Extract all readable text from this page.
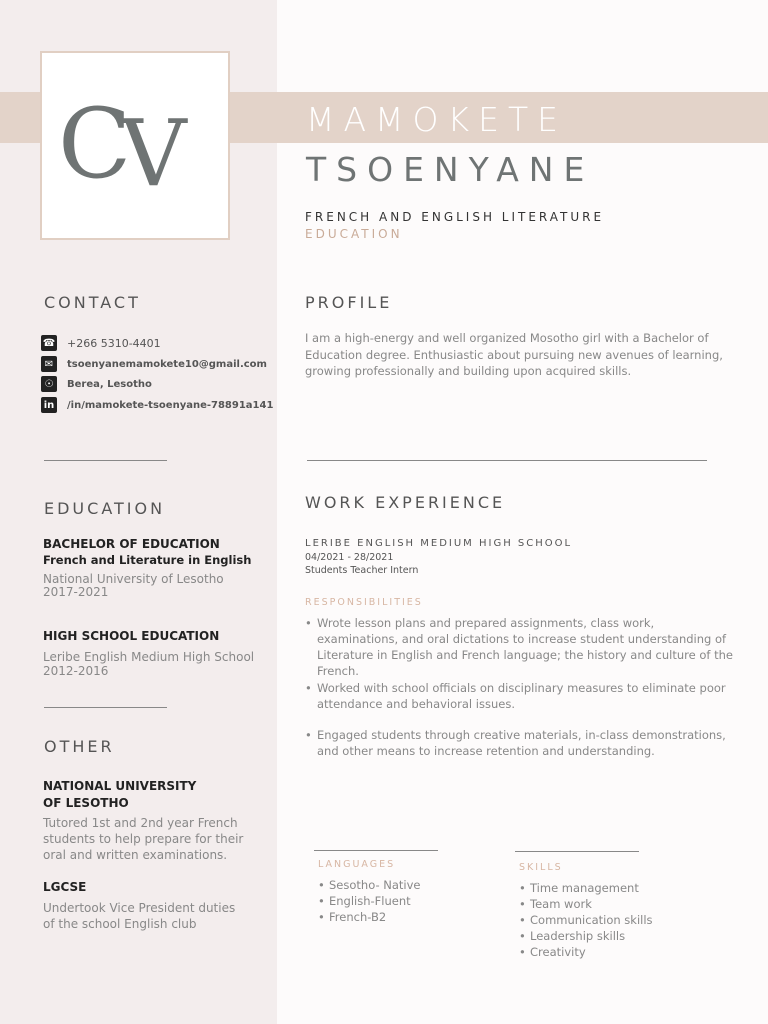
C
V	MAMOKETE
TSOENYANE
FRENCH AND ENGLISH LITERATURE
EDUCATION
CONTACT
☎ +266 5310-4401
✉	tsoenyanemamokete10@gmail.com
☉	Berea, Lesotho
in /in/mamokete-tsoenyane-78891a141
EDUCATION
BACHELOR OF EDUCATION
French and Literature in English
National University of Lesotho
2017-2021
HIGH SCHOOL EDUCATION
Leribe English Medium High School
2012-2016
OTHER
NATIONAL UNIVERSITY
OF LESOTHO
Tutored 1st and 2nd year French students to help prepare for their oral and written examinations.
LGCSE
Undertook Vice President duties of the school English club
PROFILE
I am a high-energy and well organized Mosotho girl with a Bachelor of Education degree. Enthusiastic about pursuing new avenues of learning, growing professionally and building upon acquired skills.
WORK EXPERIENCE
LERIBE ENGLISH MEDIUM HIGH SCHOOL
04/2021 - 28/2021
Students Teacher Intern
RESPONSIBILITIES
• Wrote lesson plans and prepared assignments, class work, examinations, and oral dictations to increase student understanding of Literature in English and French language; the history and culture of the French.
• Worked with school officials on disciplinary measures to eliminate poor attendance and behavioral issues.
• Engaged students through creative materials, in-class demonstrations, and other means to increase retention and understanding.
LANGUAGES
• Sesotho- Native
• English-Fluent
• French-B2
SKILLS
• Time management
• Team work
• Communication skills
• Leadership skills
• Creativity
